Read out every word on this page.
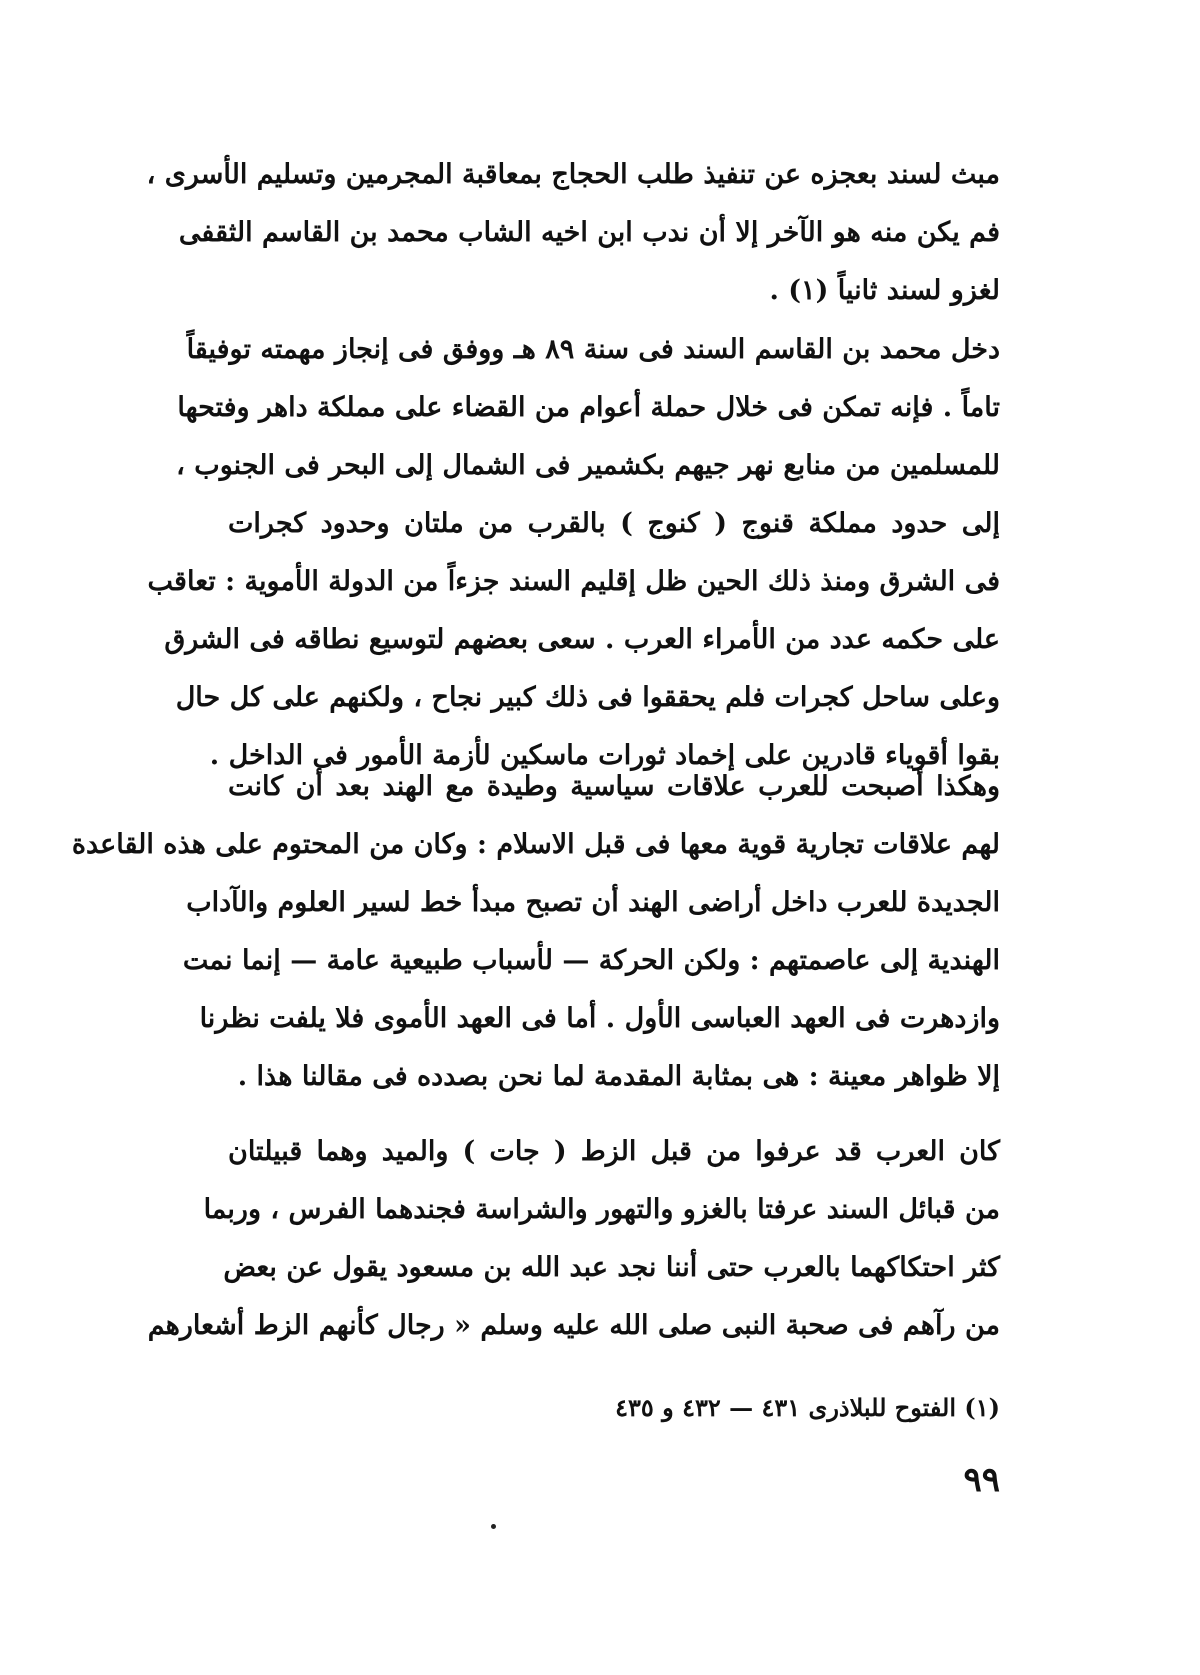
مبث لسند بعجزه عن تنفيذ طلب الحجاج بمعاقبة المجرمين وتسليم الأسرى ،
فم يكن منه هو الآخر إلا أن ندب ابن اخيه الشاب محمد بن القاسم الثقفى
لغزو لسند ثانياً (١) .
دخل محمد بن القاسم السند فى سنة ٨٩ هـ ووفق فى إنجاز مهمته توفيقاً
تاماً . فإنه تمكن فى خلال حملة أعوام من القضاء على مملكة داهر وفتحها
للمسلمين من منابع نهر جيهم بكشمير فى الشمال إلى البحر فى الجنوب ،
إلى حدود مملكة قنوج ( كنوج ) بالقرب من ملتان وحدود كجرات
فى الشرق ومنذ ذلك الحين ظل إقليم السند جزءاً من الدولة الأموية : تعاقب
على حكمه عدد من الأمراء العرب . سعى بعضهم لتوسيع نطاقه فى الشرق
وعلى ساحل كجرات فلم يحققوا فى ذلك كبير نجاح ، ولكنهم على كل حال
بقوا أقوياء قادرين على إخماد ثورات ماسكين لأزمة الأمور فى الداخل .
وهكذا أصبحت للعرب علاقات سياسية وطيدة مع الهند بعد أن كانت
لهم علاقات تجارية قوية معها فى قبل الاسلام : وكان من المحتوم على هذه القاعدة
الجديدة للعرب داخل أراضى الهند أن تصبح مبدأ خط لسير العلوم والآداب
الهندية إلى عاصمتهم : ولكن الحركة — لأسباب طبيعية عامة — إنما نمت
وازدهرت فى العهد العباسى الأول . أما فى العهد الأموى فلا يلفت نظرنا
إلا ظواهر معينة : هى بمثابة المقدمة لما نحن بصدده فى مقالنا هذا .
كان العرب قد عرفوا من قبل الزط ( جات ) والميد وهما قبيلتان
من قبائل السند عرفتا بالغزو والتهور والشراسة فجندهما الفرس ، وربما
كثر احتكاكهما بالعرب حتى أننا نجد عبد الله بن مسعود يقول عن بعض
من رآهم فى صحبة النبى صلى الله عليه وسلم « رجال كأنهم الزط أشعارهم
(١) الفتوح للبلاذرى ٤٣١ — ٤٣٢ و ٤٣٥
٩٩
